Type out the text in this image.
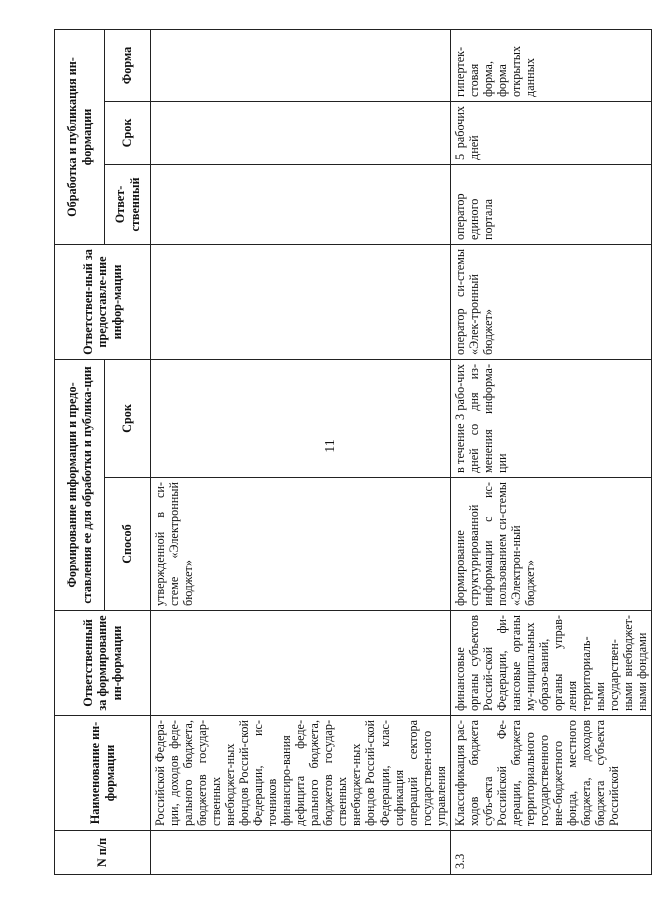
11
N п/п	Наименование ин-формации	Ответственный за формирование ин-формации	Формирование информации и предо-ставления ее для обработки и публика-ции		Ответствен-ный за предоставле-ние инфор-мации	Обработка и публикация ин-формации		
			Способ	Срок		Ответ-ственный	Срок	Форма
	Российской Федера-ции, доходов феде-рального бюджета, бюджетов государ-ственных внебюджет-ных фондов Россий-ской Федерации, ис-точников финансиро-вания дефицита феде-рального бюджета, бюджетов государ-ственных внебюджет-ных фондов Россий-ской Федерации, клас-сификация операций сектора государствен-ного управления		утвержденной в си-стеме «Электронный бюджет»					
3.3	Классификация рас-ходов бюджета субъ-екта Российской Фе-дерации, бюджета территориального государственного вне-бюджетного фонда, местного бюджета, доходов бюджета субъекта Российской	финансовые органы субъектов Россий-ской Федерации, фи-нансовые органы му-ниципальных образо-ваний, органы управ-ления территориаль-ными государствен-ными внебюджет-ными фондами	формирование структурированной информации с ис-пользованием си-стемы «Электрон-ный бюджет»	в течение 3 рабо-чих дней со дня из-менения информа-ции	оператор си-стемы «Элек-тронный бюджет»	оператор единого портала	5 рабочих дней	гипертек-стовая форма, форма открытых данных
